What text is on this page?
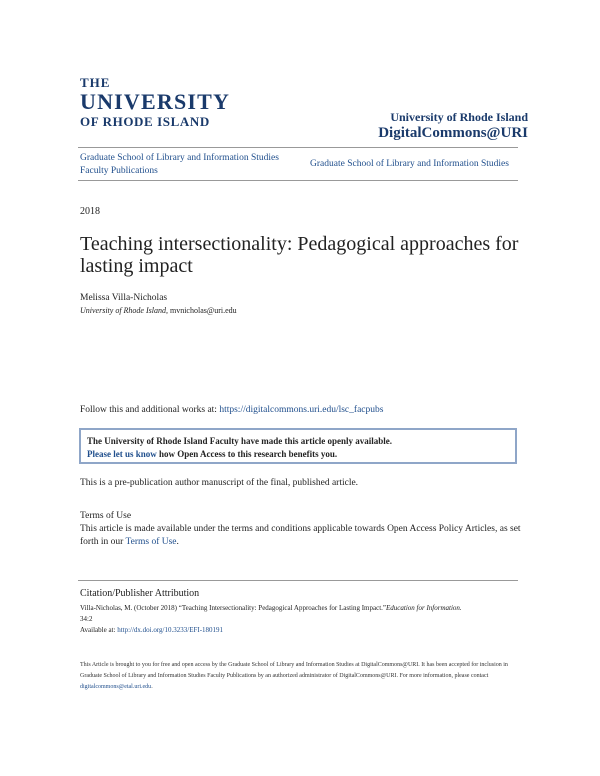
THE
UNIVERSITY
OF RHODE ISLAND	University of Rhode Island
DigitalCommons@URI
Graduate School of Library and Information Studies
Faculty Publications
Graduate School of Library and Information Studies
2018
Teaching intersectionality: Pedagogical approaches for lasting impact
Melissa Villa-Nicholas
University of Rhode Island, mvnicholas@uri.edu
Follow this and additional works at: https://digitalcommons.uri.edu/lsc_facpubs
The University of Rhode Island Faculty have made this article openly available.
Please let us know how Open Access to this research benefits you.
This is a pre-publication author manuscript of the final, published article.
Terms of Use
This article is made available under the terms and conditions applicable towards Open Access Policy Articles, as set forth in our Terms of Use.
Citation/Publisher Attribution
Villa-Nicholas, M. (October 2018) “Teaching Intersectionality: Pedagogical Approaches for Lasting Impact.”Education for Information.
34:2
Available at: http://dx.doi.org/10.3233/EFI-180191
This Article is brought to you for free and open access by the Graduate School of Library and Information Studies at DigitalCommons@URI. It has been accepted for inclusion in Graduate School of Library and Information Studies Faculty Publications by an authorized administrator of DigitalCommons@URI. For more information, please contact digitalcommons@etal.uri.edu.
